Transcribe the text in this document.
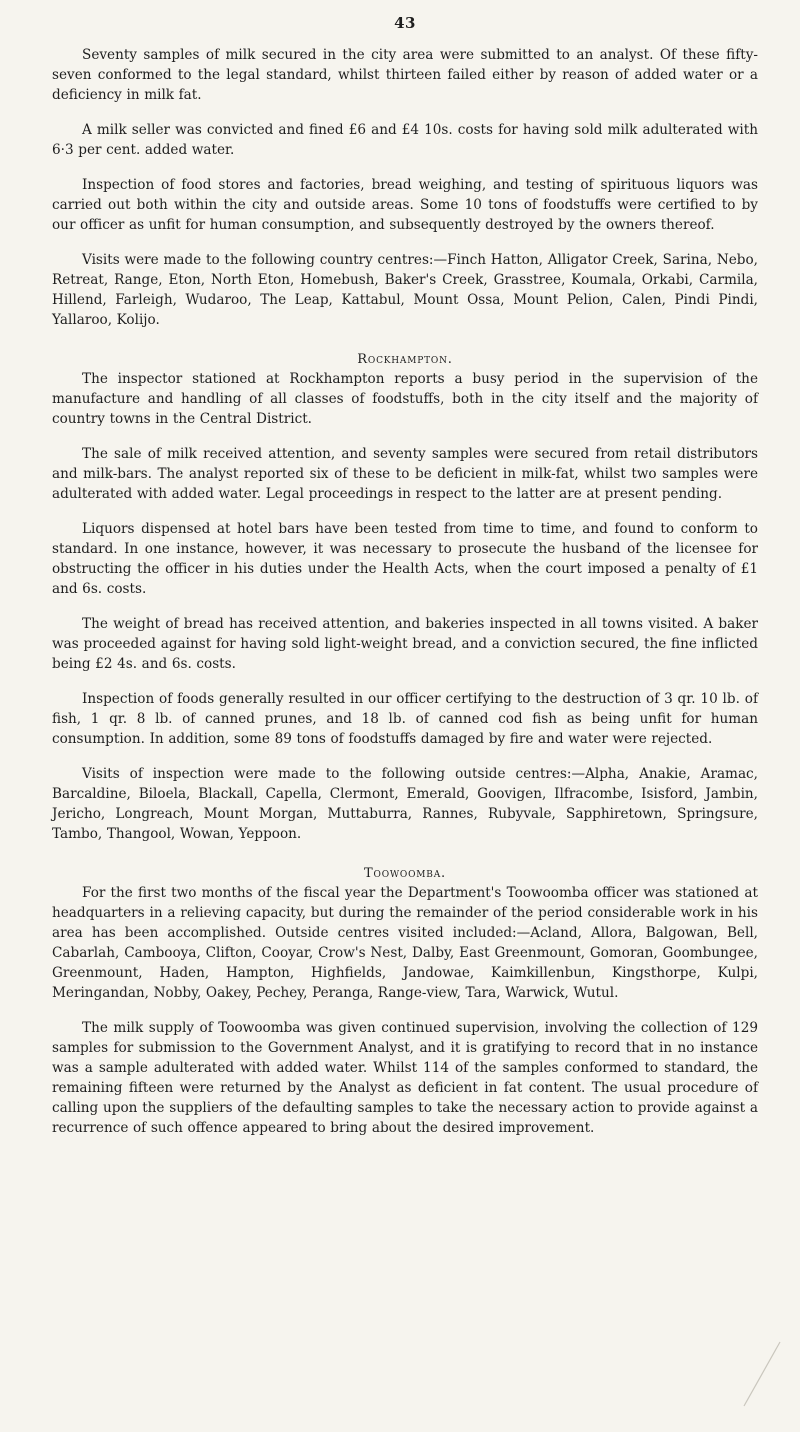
43

Seventy samples of milk secured in the city area were submitted to an analyst. Of these fifty-seven conformed to the legal standard, whilst thirteen failed either by reason of added water or a deficiency in milk fat.

A milk seller was convicted and fined £6 and £4 10s. costs for having sold milk adulterated with 6·3 per cent. added water.

Inspection of food stores and factories, bread weighing, and testing of spirituous liquors was carried out both within the city and outside areas. Some 10 tons of foodstuffs were certified to by our officer as unfit for human consumption, and subsequently destroyed by the owners thereof.

Visits were made to the following country centres:—Finch Hatton, Alligator Creek, Sarina, Nebo, Retreat, Range, Eton, North Eton, Homebush, Baker's Creek, Grasstree, Koumala, Orkabi, Carmila, Hillend, Farleigh, Wudaroo, The Leap, Kattabul, Mount Ossa, Mount Pelion, Calen, Pindi Pindi, Yallaroo, Kolijo.

Rockhampton.

The inspector stationed at Rockhampton reports a busy period in the supervision of the manufacture and handling of all classes of foodstuffs, both in the city itself and the majority of country towns in the Central District.

The sale of milk received attention, and seventy samples were secured from retail distributors and milk-bars. The analyst reported six of these to be deficient in milk-fat, whilst two samples were adulterated with added water. Legal proceedings in respect to the latter are at present pending.

Liquors dispensed at hotel bars have been tested from time to time, and found to conform to standard. In one instance, however, it was necessary to prosecute the husband of the licensee for obstructing the officer in his duties under the Health Acts, when the court imposed a penalty of £1 and 6s. costs.

The weight of bread has received attention, and bakeries inspected in all towns visited. A baker was proceeded against for having sold light-weight bread, and a conviction secured, the fine inflicted being £2 4s. and 6s. costs.

Inspection of foods generally resulted in our officer certifying to the destruction of 3 qr. 10 lb. of fish, 1 qr. 8 lb. of canned prunes, and 18 lb. of canned cod fish as being unfit for human consumption. In addition, some 89 tons of foodstuffs damaged by fire and water were rejected.

Visits of inspection were made to the following outside centres:—Alpha, Anakie, Aramac, Barcaldine, Biloela, Blackall, Capella, Clermont, Emerald, Goovigen, Ilfracombe, Isisford, Jambin, Jericho, Longreach, Mount Morgan, Muttaburra, Rannes, Rubyvale, Sapphiretown, Springsure, Tambo, Thangool, Wowan, Yeppoon.

Toowoomba.

For the first two months of the fiscal year the Department's Toowoomba officer was stationed at headquarters in a relieving capacity, but during the remainder of the period considerable work in his area has been accomplished. Outside centres visited included:—Acland, Allora, Balgowan, Bell, Cabarlah, Cambooya, Clifton, Cooyar, Crow's Nest, Dalby, East Greenmount, Gomoran, Goombungee, Greenmount, Haden, Hampton, Highfields, Jandowae, Kaimkillenbun, Kingsthorpe, Kulpi, Meringandan, Nobby, Oakey, Pechey, Peranga, Range-view, Tara, Warwick, Wutul.

The milk supply of Toowoomba was given continued supervision, involving the collection of 129 samples for submission to the Government Analyst, and it is gratifying to record that in no instance was a sample adulterated with added water. Whilst 114 of the samples conformed to standard, the remaining fifteen were returned by the Analyst as deficient in fat content. The usual procedure of calling upon the suppliers of the defaulting samples to take the necessary action to provide against a recurrence of such offence appeared to bring about the desired improvement.
